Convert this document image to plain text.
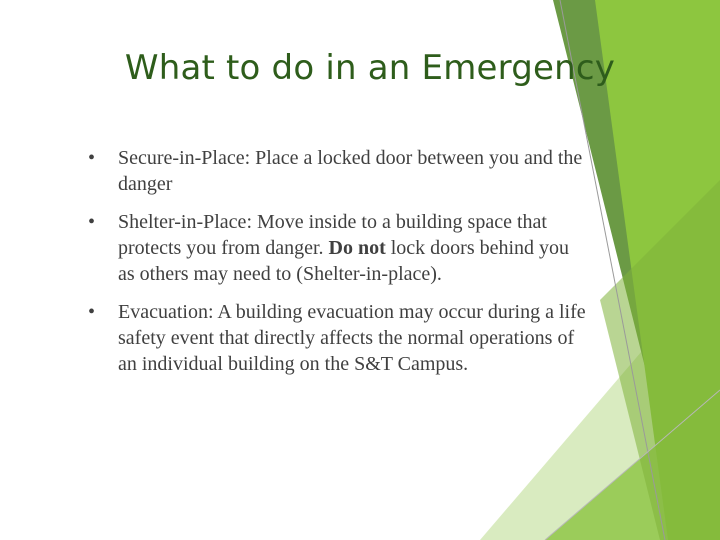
What to do in an Emergency
• Secure-in-Place: Place a locked door between you and the danger
• Shelter-in-Place: Move inside to a building space that protects you from danger. Do not lock doors behind you as others may need to (Shelter-in-place).
• Evacuation: A building evacuation may occur during a life safety event that directly affects the normal operations of an individual building on the S&T Campus.
